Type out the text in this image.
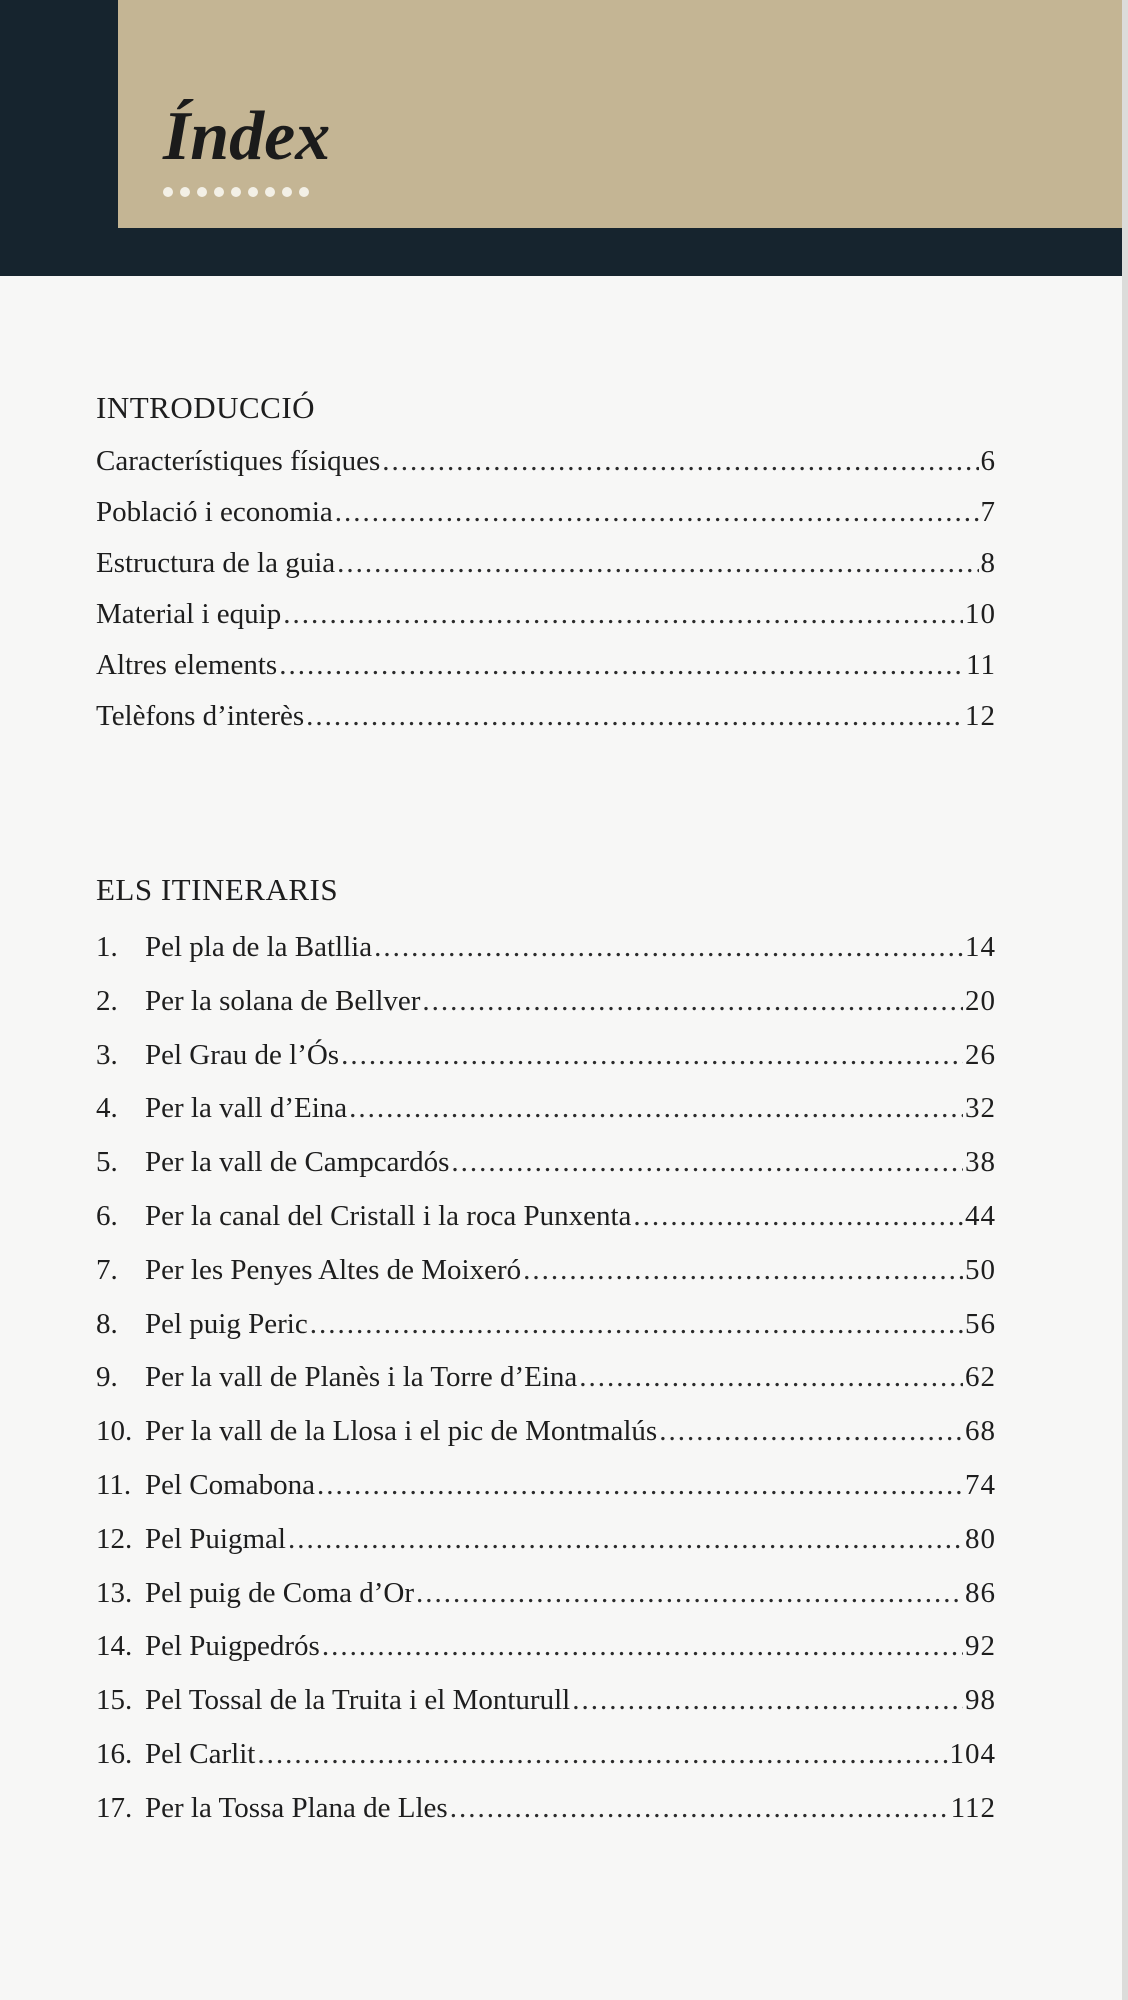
Índex
INTRODUCCIÓ
Característiques físiques .....	6
Població i economia .....	7
Estructura de la guia .....	8
Material i equip .....	10
Altres elements .....	11
Telèfons d’interès .....	12
ELS ITINERARIS
1. Pel pla de la Batllia .....	14
2. Per la solana de Bellver .....	20
3. Pel Grau de l’Ós .....	26
4. Per la vall d’Eina .....	32
5. Per la vall de Campcardós .....	38
6. Per la canal del Cristall i la roca Punxenta .....	44
7. Per les Penyes Altes de Moixeró .....	50
8. Pel puig Peric .....	56
9. Per la vall de Planès i la Torre d’Eina .....	62
10. Per la vall de la Llosa i el pic de Montmalús .....	68
11. Pel Comabona .....	74
12. Pel Puigmal .....	80
13. Pel puig de Coma d’Or .....	86
14. Pel Puigpedrós .....	92
15. Pel Tossal de la Truita i el Monturull .....	98
16. Pel Carlit .....	104
17. Per la Tossa Plana de Lles .....	112
